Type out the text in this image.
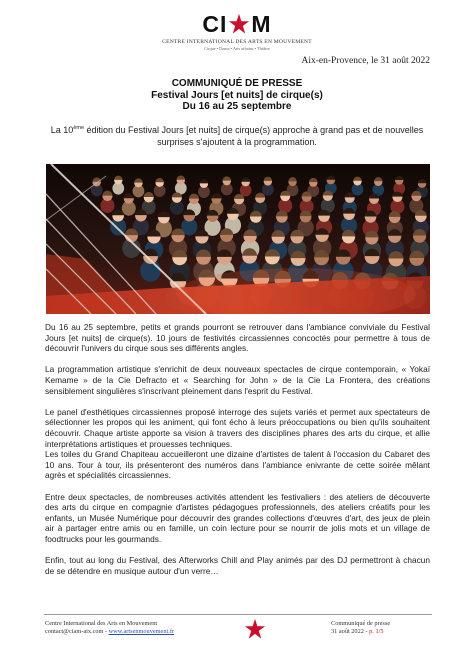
CI M
CENTRE INTERNATIONAL DES ARTS EN MOUVEMENT
Cirque • Danse • Arts urbains • Théâtre
Aix-en-Provence, le 31 août 2022
COMMUNIQUÉ DE PRESSE
Festival Jours [et nuits] de cirque(s)
Du 16 au 25 septembre
La 10ème édition du Festival Jours [et nuits] de cirque(s) approche à grand pas et de nouvelles surprises s'ajoutent à la programmation.

Du 16 au 25 septembre, petits et grands pourront se retrouver dans l'ambiance conviviale du Festival Jours [et nuits] de cirque(s). 10 jours de festivités circassiennes concoctés pour permettre à tous de découvrir l'univers du cirque sous ses différents angles.

La programmation artistique s'enrichit de deux nouveaux spectacles de cirque contemporain, « Yokaï Kemame » de la Cie Defracto et « Searching for John » de la Cie La Frontera, des créations sensiblement singulières s'inscrivant pleinement dans l'esprit du Festival.

Le panel d'esthétiques circassiennes proposé interroge des sujets variés et permet aux spectateurs de sélectionner les propos qui les animent, qui font écho à leurs préoccupations ou bien qu'ils souhaitent découvrir. Chaque artiste apporte sa vision à travers des disciplines phares des arts du cirque, et allie interprétations artistiques et prouesses techniques.

Les toiles du Grand Chapiteau accueilleront une dizaine d'artistes de talent à l'occasion du Cabaret des 10 ans. Tour à tour, ils présenteront des numéros dans l'ambiance enivrante de cette soirée mêlant agrès et spécialités circassiennes.

Entre deux spectacles, de nombreuses activités attendent les festivaliers : des ateliers de découverte des arts du cirque en compagnie d'artistes pédagogues professionnels, des ateliers créatifs pour les enfants, un Musée Numérique pour découvrir des grandes collections d'œuvres d'art, des jeux de plein air à partager entre amis ou en famille, un coin lecture pour se nourrir de jolis mots et un village de foodtrucks pour les gourmands.

Enfin, tout au long du Festival, des Afterworks Chill and Play animés par des DJ permettront à chacun de se détendre en musique autour d'un verre…

Centre International des Arts en Mouvement
contact@ciam-aix.com - www.artsenmouvement.fr
Communiqué de presse
31 août 2022 - p. 1/5
